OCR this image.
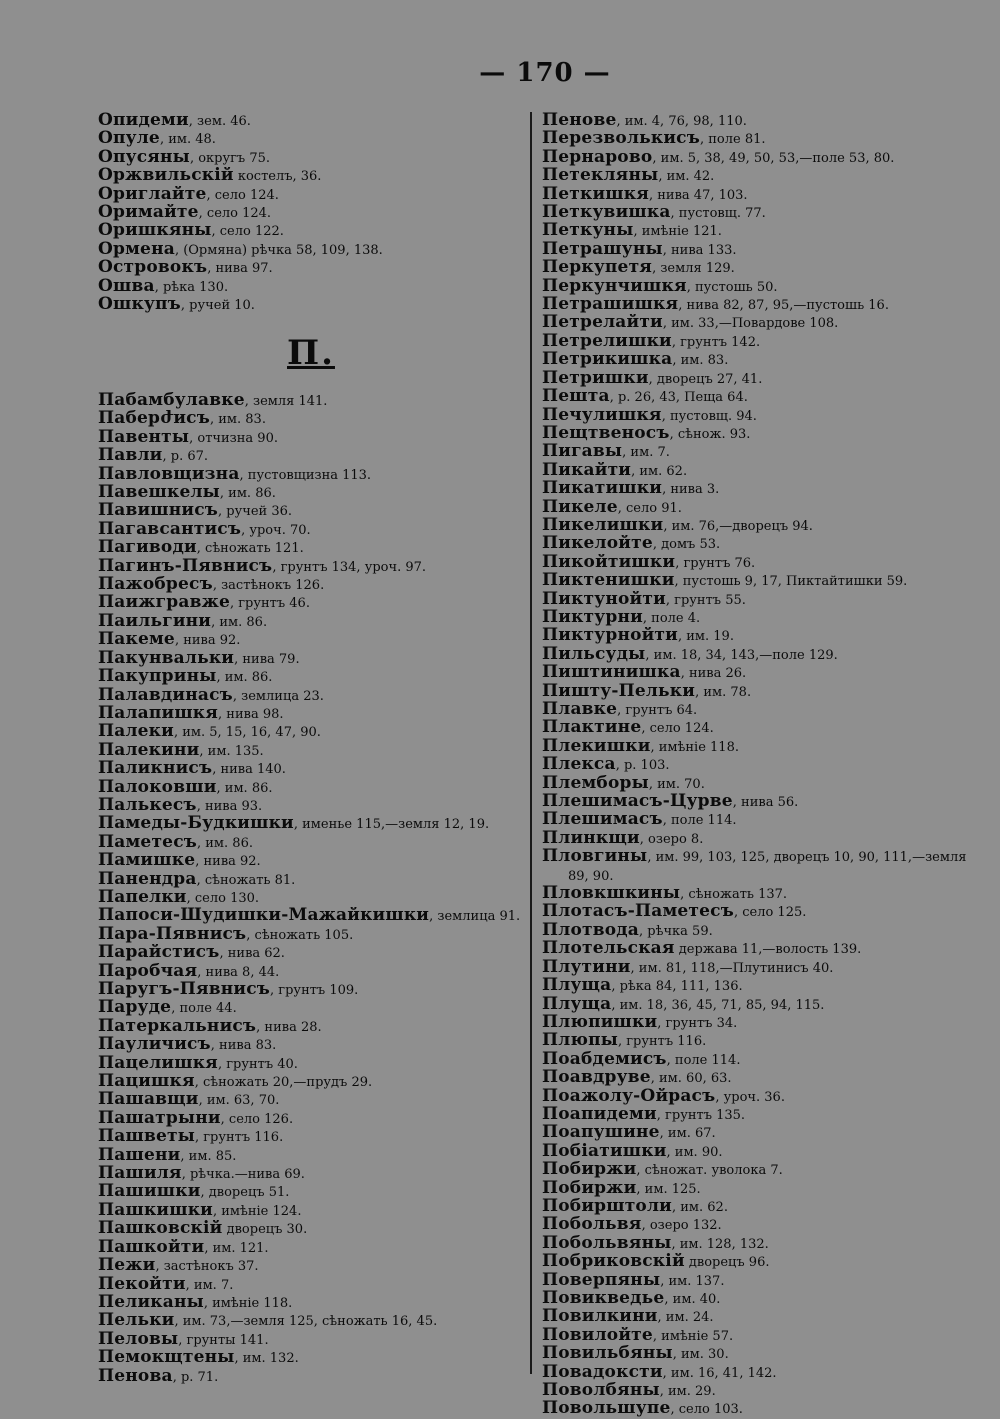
— 170 —
Опидеми, зем. 46.
Опуле, им. 48.
Опусяны, округъ 75.
Оржвильскій костелъ, 36.
Ориглайте, село 124.
Оримайте, село 124.
Оришкяны, село 122.
Ормена, (Ормяна) рѣчка 58, 109, 138.
Островокъ, нива 97.
Ошва, рѣка 130.
Ошкупъ, ручей 10.
П.
Пабамбулавке, земля 141.
Паберժисъ, им. 83.
Павенты, отчизна 90.
Павли, р. 67.
Павловщизна, пустовщизна 113.
Павешкелы, им. 86.
Павишнисъ, ручей 36.
Пагавсантисъ, уроч. 70.
Пагиводи, сѣножать 121.
Пагинъ-Пявнисъ, грунтъ 134, уроч. 97.
Пажобресъ, застѣнокъ 126.
Паижгравже, грунтъ 46.
Паильгини, им. 86.
Пакеме, нива 92.
Пакунвальки, нива 79.
Пакуприны, им. 86.
Палавдинасъ, землица 23.
Палапишкя, нива 98.
Палеки, им. 5, 15, 16, 47, 90.
Палекини, им. 135.
Паликнисъ, нива 140.
Палоковши, им. 86.
Палькесъ, нива 93.
Памеды-Будкишки, именье 115,—земля 12, 19.
Паметесъ, им. 86.
Памишке, нива 92.
Панендра, сѣножать 81.
Папелки, село 130.
Папоси-Шудишки-Мажайкишки, землица 91.
Пара-Пявнисъ, сѣножать 105.
Парайстисъ, нива 62.
Паробчая, нива 8, 44.
Паругъ-Пявнисъ, грунтъ 109.
Паруде, поле 44.
Патеркальнисъ, нива 28.
Пауличисъ, нива 83.
Пацелишкя, грунтъ 40.
Пацишкя, сѣножать 20,—прудъ 29.
Пашавщи, им. 63, 70.
Пашатрыни, село 126.
Пашветы, грунтъ 116.
Пашени, им. 85.
Пашиля, рѣчка.—нива 69.
Пашишки, дворецъ 51.
Пашкишки, имѣніе 124.
Пашковскій дворецъ 30.
Пашкойти, им. 121.
Пежи, застѣнокъ 37.
Пекойти, им. 7.
Пеликаны, имѣніе 118.
Пельки, им. 73,—земля 125, сѣножать 16, 45.
Пеловы, грунты 141.
Пемокщтены, им. 132.
Пенова, р. 71.
Пенове, им. 4, 76, 98, 110.
Перезволькисъ, поле 81.
Пернарово, им. 5, 38, 49, 50, 53,—поле 53, 80.
Петекляны, им. 42.
Петкишкя, нива 47, 103.
Петкувишка, пустовщ. 77.
Петкуны, имѣніе 121.
Петрашуны, нива 133.
Перкупетя, земля 129.
Перкунчишкя, пустошь 50.
Петрашишкя, нива 82, 87, 95,—пустошь 16.
Петрелайти, им. 33,—Повардове 108.
Петрелишки, грунтъ 142.
Петрикишка, им. 83.
Петришки, дворецъ 27, 41.
Пешта, р. 26, 43, Пеща 64.
Печулишкя, пустовщ. 94.
Пещтвеносъ, сѣнож. 93.
Пигавы, им. 7.
Пикайти, им. 62.
Пикатишки, нива 3.
Пикеле, село 91.
Пикелишки, им. 76,—дворецъ 94.
Пикелойте, домъ 53.
Пикойтишки, грунтъ 76.
Пиктенишки, пустошь 9, 17, Пиктайтишки 59.
Пиктунойти, грунтъ 55.
Пиктурни, поле 4.
Пиктурнойти, им. 19.
Пильсуды, им. 18, 34, 143,—поле 129.
Пиштинишка, нива 26.
Пишту-Пельки, им. 78.
Плавке, грунтъ 64.
Плактине, село 124.
Плекишки, имѣніе 118.
Плекса, р. 103.
Племборы, им. 70.
Плешимасъ-Цурве, нива 56.
Плешимасъ, поле 114.
Плинкщи, озеро 8.
Пловгины, им. 99, 103, 125, дворецъ 10, 90, 111,—земля 89, 90.
Пловкшкины, сѣножать 137.
Плотасъ-Паметесъ, село 125.
Плотвода, рѣчка 59.
Плотельская держава 11,—волость 139.
Плутини, им. 81, 118,—Плутинисъ 40.
Плуща, рѣка 84, 111, 136.
Плуща, им. 18, 36, 45, 71, 85, 94, 115.
Плюпишки, грунтъ 34.
Плюпы, грунтъ 116.
Поабдемисъ, поле 114.
Поавдруве, им. 60, 63.
Поажолу-Ойрасъ, уроч. 36.
Поапидеми, грунтъ 135.
Поапушине, им. 67.
Побіатишки, им. 90.
Побиржи, сѣножат. уволока 7.
Побиржи, им. 125.
Побирштоли, им. 62.
Побольвя, озеро 132.
Побольвяны, им. 128, 132.
Побриковскій дворецъ 96.
Поверпяны, им. 137.
Повикведье, им. 40.
Повилкини, им. 24.
Повилойте, имѣніе 57.
Повильбяны, им. 30.
Повадоксти, им. 16, 41, 142.
Поволбяны, им. 29.
Повольшупе, село 103.
